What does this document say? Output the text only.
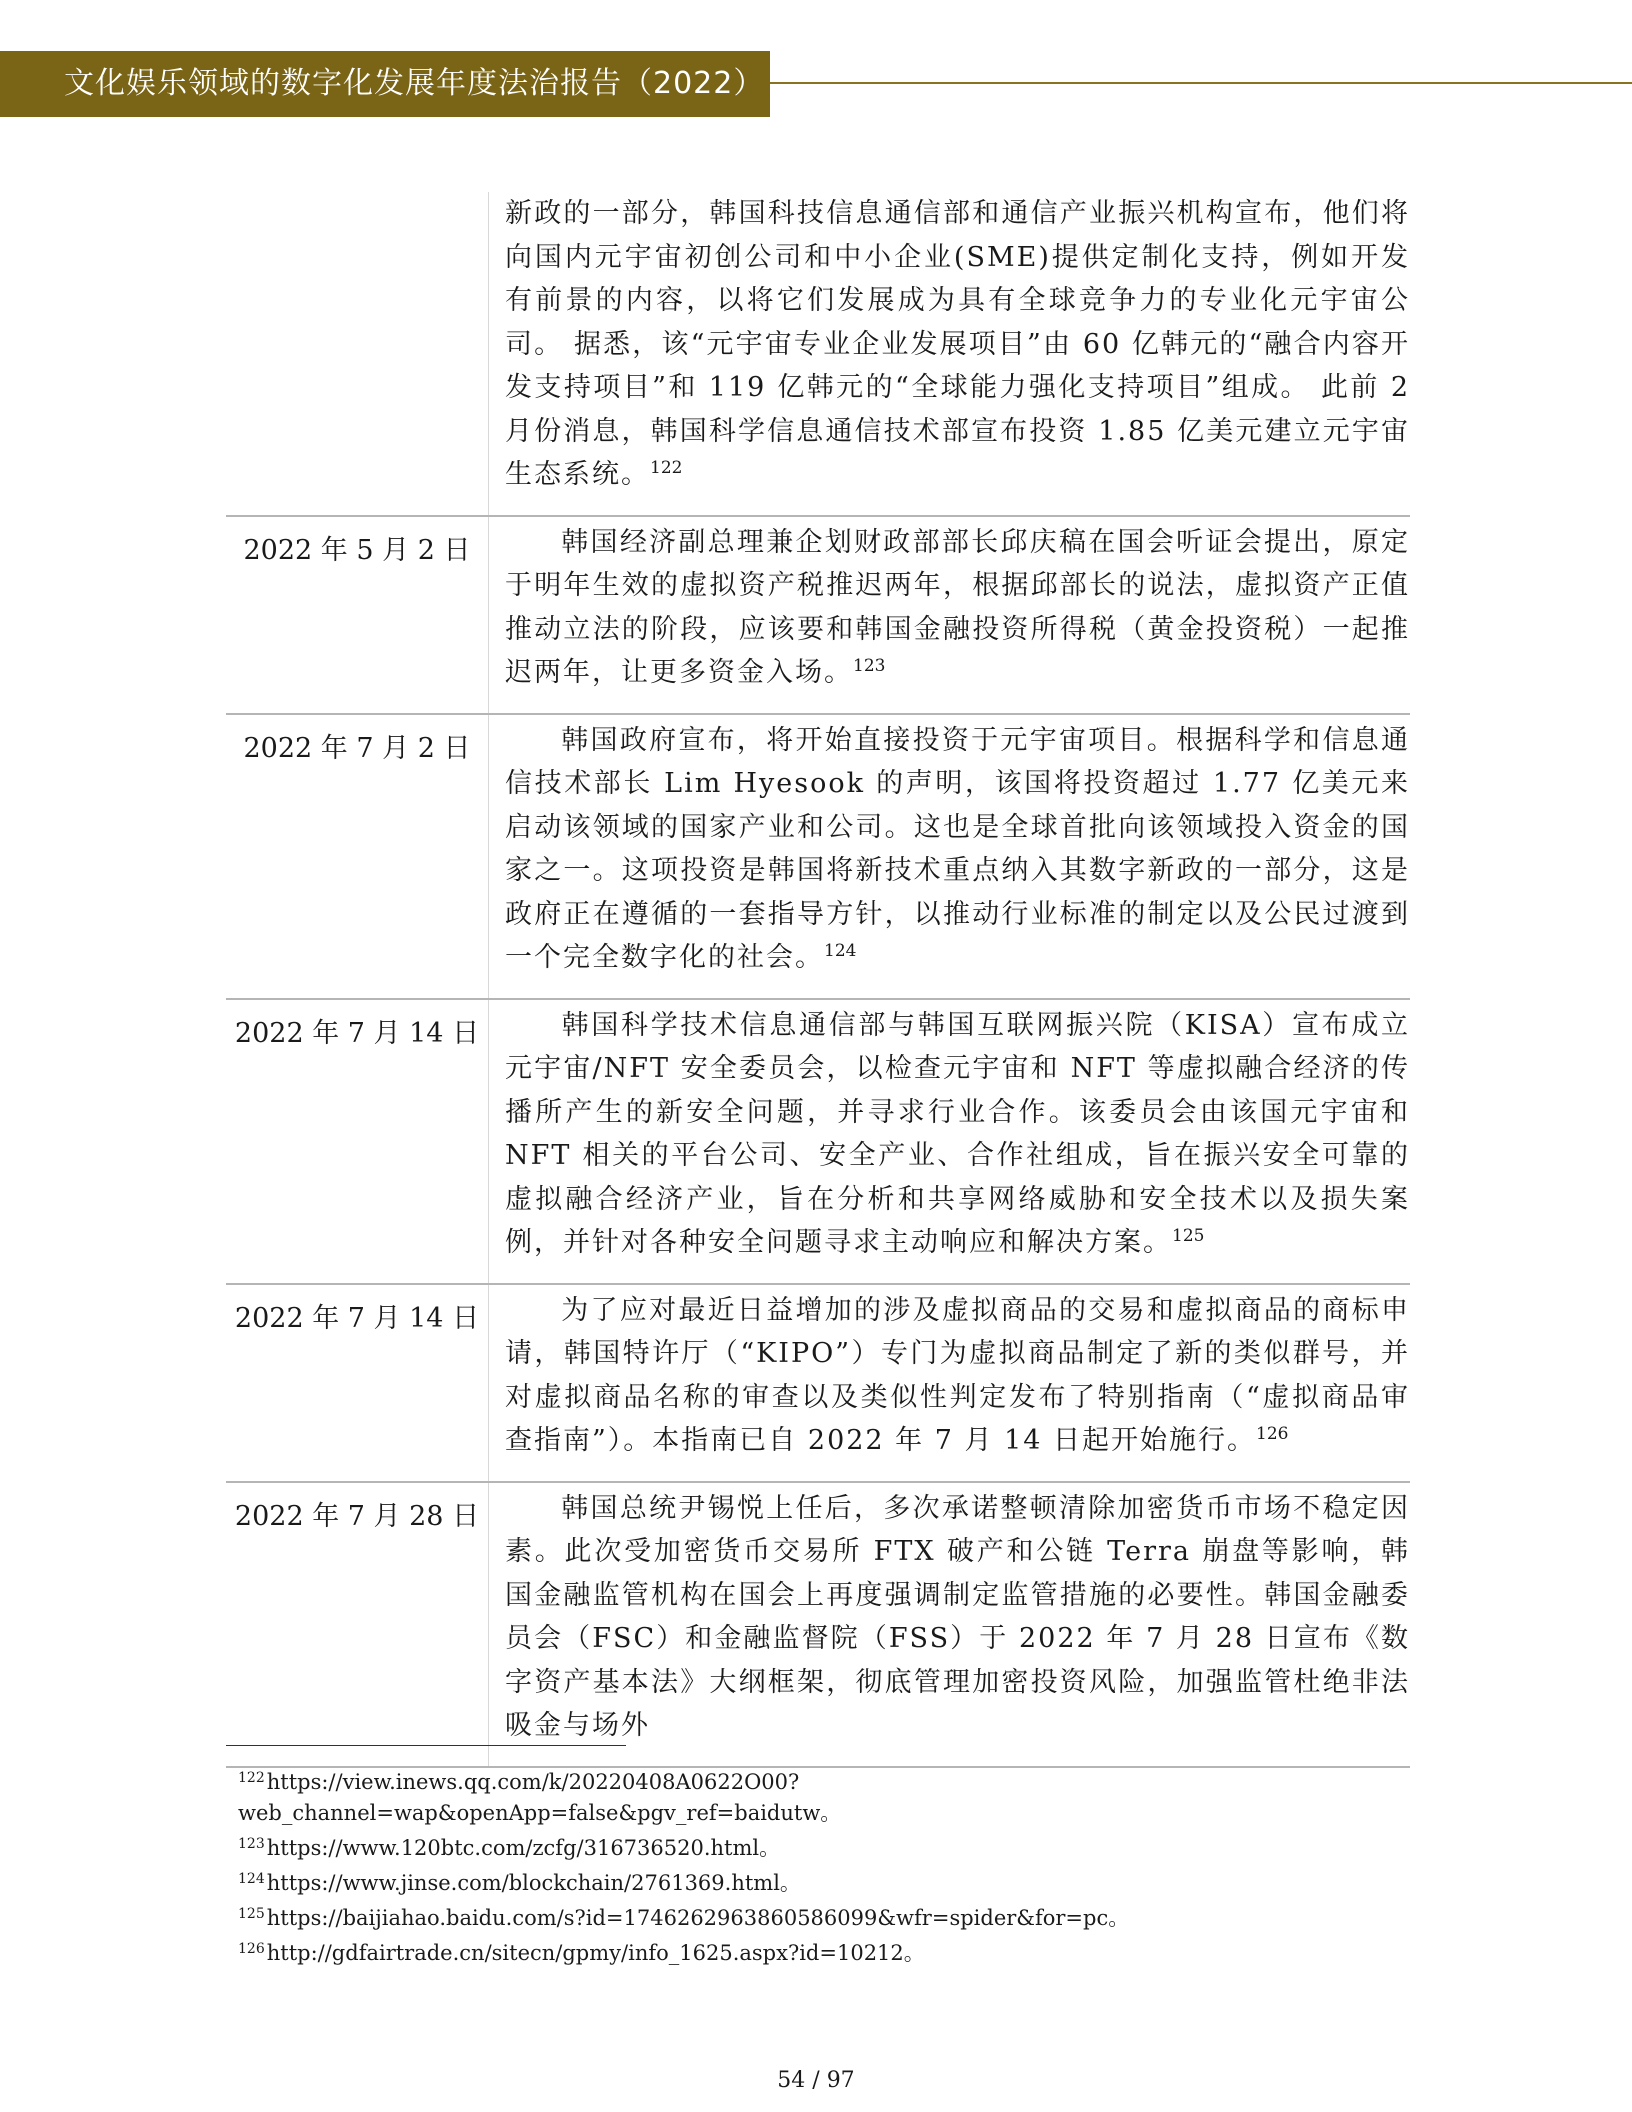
文化娱乐领域的数字化发展年度法治报告（2022）
新政的一部分，韩国科技信息通信部和通信产业振兴机构宣布，他们将向国内元宇宙初创公司和中小企业(SME)提供定制化支持，例如开发有前景的内容，以将它们发展成为具有全球竞争力的专业化元宇宙公司。 据悉，该“元宇宙专业企业发展项目”由 60 亿韩元的“融合内容开发支持项目”和 119 亿韩元的“全球能力强化支持项目”组成。 此前 2 月份消息，韩国科学信息通信技术部宣布投资 1.85 亿美元建立元宇宙生态系统。$^{122}$
2022 年 5 月 2 日	韩国经济副总理兼企划财政部部长邱庆稿在国会听证会提出，原定于明年生效的虚拟资产税推迟两年，根据邱部长的说法，虚拟资产正值推动立法的阶段，应该要和韩国金融投资所得税（黄金投资税）一起推迟两年，让更多资金入场。$^{123}$
2022 年 7 月 2 日	韩国政府宣布，将开始直接投资于元宇宙项目。根据科学和信息通信技术部长 Lim Hyesook 的声明，该国将投资超过 1.77 亿美元来启动该领域的国家产业和公司。这也是全球首批向该领域投入资金的国家之一。这项投资是韩国将新技术重点纳入其数字新政的一部分，这是政府正在遵循的一套指导方针，以推动行业标准的制定以及公民过渡到一个完全数字化的社会。$^{124}$
2022 年 7 月 14 日	韩国科学技术信息通信部与韩国互联网振兴院（KISA）宣布成立元宇宙/NFT 安全委员会，以检查元宇宙和 NFT 等虚拟融合经济的传播所产生的新安全问题，并寻求行业合作。该委员会由该国元宇宙和 NFT 相关的平台公司、安全产业、合作社组成，旨在振兴安全可靠的虚拟融合经济产业，旨在分析和共享网络威胁和安全技术以及损失案例，并针对各种安全问题寻求主动响应和解决方案。$^{125}$
2022 年 7 月 14 日	为了应对最近日益增加的涉及虚拟商品的交易和虚拟商品的商标申请，韩国特许厅（“KIPO”）专门为虚拟商品制定了新的类似群号，并对虚拟商品名称的审查以及类似性判定发布了特别指南（“虚拟商品审查指南”）。本指南已自 2022 年 7 月 14 日起开始施行。$^{126}$
2022 年 7 月 28 日	韩国总统尹锡悦上任后，多次承诺整顿清除加密货币市场不稳定因素。此次受加密货币交易所 FTX 破产和公链 Terra 崩盘等影响，韩国金融监管机构在国会上再度强调制定监管措施的必要性。韩国金融委员会（FSC）和金融监督院（FSS）于 2022 年 7 月 28 日宣布《数字资产基本法》大纲框架，彻底管理加密投资风险，加强监管杜绝非法吸金与场外
$^{122}$https://view.inews.qq.com/k/20220408A0622O00?web_channel=wap&openApp=false&pgv_ref=baidutw。
$^{123}$https://www.120btc.com/zcfg/316736520.html。
$^{124}$https://www.jinse.com/blockchain/2761369.html。
$^{125}$https://baijiahao.baidu.com/s?id=1746262963860586099&wfr=spider&for=pc。
$^{126}$http://gdfairtrade.cn/sitecn/gpmy/info_1625.aspx?id=10212。
54 / 97
